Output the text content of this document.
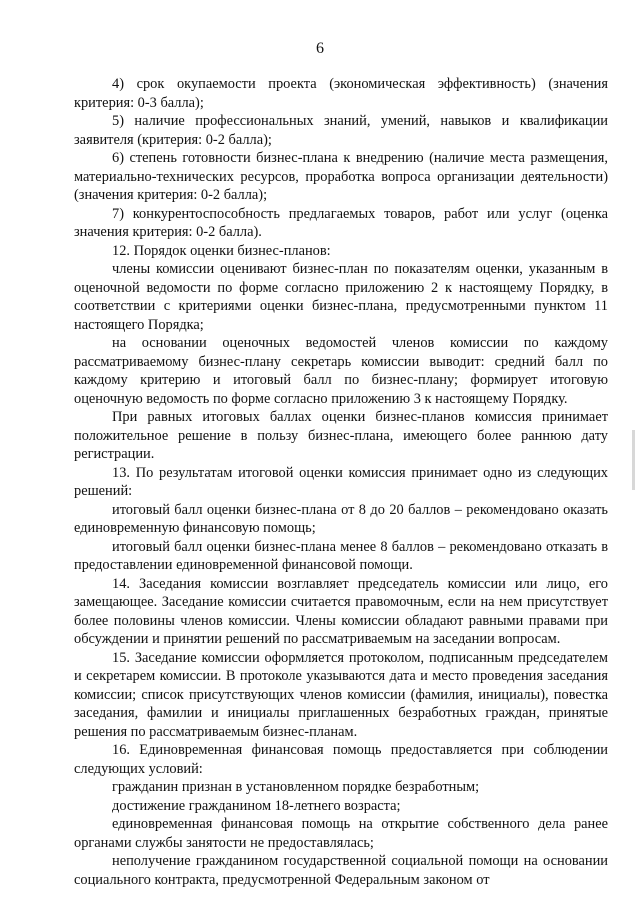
6

4) срок окупаемости проекта (экономическая эффективность) (значения критерия: 0-3 балла);

5) наличие профессиональных знаний, умений, навыков и квалификации заявителя (критерия: 0-2 балла);

6) степень готовности бизнес-плана к внедрению (наличие места размещения, материально-технических ресурсов, проработка вопроса организации деятельности) (значения критерия: 0-2 балла);

7) конкурентоспособность предлагаемых товаров, работ или услуг (оценка значения критерия: 0-2 балла).

12. Порядок оценки бизнес-планов:

члены комиссии оценивают бизнес-план по показателям оценки, указанным в оценочной ведомости по форме согласно приложению 2 к настоящему Порядку, в соответствии с критериями оценки бизнес-плана, предусмотренными пунктом 11 настоящего Порядка;

на основании оценочных ведомостей членов комиссии по каждому рассматриваемому бизнес-плану секретарь комиссии выводит: средний балл по каждому критерию и итоговый балл по бизнес-плану; формирует итоговую оценочную ведомость по форме согласно приложению 3 к настоящему Порядку.

При равных итоговых баллах оценки бизнес-планов комиссия принимает положительное решение в пользу бизнес-плана, имеющего более раннюю дату регистрации.

13. По результатам итоговой оценки комиссия принимает одно из следующих решений:

итоговый балл оценки бизнес-плана от 8 до 20 баллов – рекомендовано оказать единовременную финансовую помощь;

итоговый балл оценки бизнес-плана менее 8 баллов – рекомендовано отказать в предоставлении единовременной финансовой помощи.

14. Заседания комиссии возглавляет председатель комиссии или лицо, его замещающее. Заседание комиссии считается правомочным, если на нем присутствует более половины членов комиссии. Члены комиссии обладают равными правами при обсуждении и принятии решений по рассматриваемым на заседании вопросам.

15. Заседание комиссии оформляется протоколом, подписанным председателем и секретарем комиссии. В протоколе указываются дата и место проведения заседания комиссии; список присутствующих членов комиссии (фамилия, инициалы), повестка заседания, фамилии и инициалы приглашенных безработных граждан, принятые решения по рассматриваемым бизнес-планам.

16. Единовременная финансовая помощь предоставляется при соблюдении следующих условий:

гражданин признан в установленном порядке безработным;

достижение гражданином 18-летнего возраста;

единовременная финансовая помощь на открытие собственного дела ранее органами службы занятости не предоставлялась;

неполучение гражданином государственной социальной помощи на основании социального контракта, предусмотренной Федеральным законом от
